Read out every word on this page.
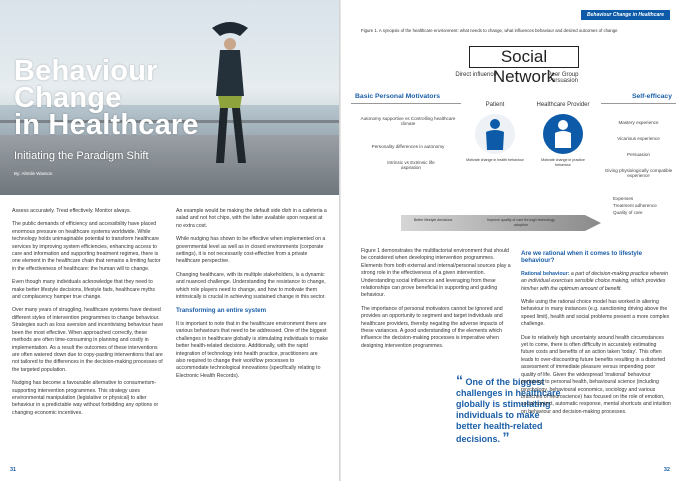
Behaviour
Change
in Healthcare
Initiating the Paradigm Shift
By: Altmile Wasson

Assess accurately. Treat effectively. Monitor always.

The public demands of efficiency and accessibility have placed enormous pressure on healthcare systems worldwide. While technology holds unimaginable potential to transform healthcare services by improving system efficiencies, enhancing access to care and information and supporting treatment regimes, there is one element in the healthcare chain that remains a limiting factor in the effectiveness of healthcare: the human will to change.

Even though many individuals acknowledge that they need to make better lifestyle decisions, lifestyle fads, healthcare myths and complacency hamper true change.

Over many years of struggling, healthcare systems have devised different styles of intervention programmes to change behaviour. Strategies such as loss aversion and incentivising behaviour have been the most effective. When approached correctly, these methods are often time-consuming in planning and costly in implementation. As a result the outcomes of these interventions are often watered down due to copy-pasting interventions that are not tailored to the differences in the decision-making processes of the targeted population.

Nudging has become a favourable alternative to consumerism-supporting intervention programmes. This strategy uses environmental manipulation (legislative or physical) to alter behaviour in a predictable way without forbidding any options or changing economic incentives.

An example would be making the default side dish in a cafeteria a salad and not hot chips, with the latter available upon request at no extra cost.

While nudging has shown to be effective when implemented on a governmental level as well as in closed environments (corporate settings), it is not necessarily cost-effective from a private healthcare perspective.

Changing healthcare, with its multiple stakeholders, is a dynamic and nuanced challenge. Understanding the resistance to change, which role players need to change, and how to motivate them intrinsically is crucial in achieving sustained change in this sector.

Transforming an entire system

It is important to note that in the healthcare environment there are various behaviours that need to be addressed. One of the biggest challenges in healthcare globally is stimulating individuals to make better health-related decisions. Additionally, with the rapid integration of technology into health practice, practitioners are also required to change their workflow processes to accommodate technological innovations (specifically relating to Electronic Health Records).

31
Behaviour Change in Healthcare
Figure 1. A synopsis of the healthcare environment: what needs to change, what influences behaviour and desired outcomes of change
Social Network
Direct influence	Peer Group Persuasion
Basic Personal Motivators	Self-efficacy
Patient	Healthcare Provider
Autonomy supportive vs Controlling healthcare climate
Personality differences in autonomy
Intrinsic vs Extrinsic life aspiration
Motivate change in health behaviour	Motivate change in practice behaviour
Mastery experience
Vicarious experience
Persuasion
Giving physiologically compatible experience
Better lifestyle decisions	Improve quality of care through technology adoption
Expenses
Treatment adherence
Quality of care

Figure 1 demonstrates the multifactorial environment that should be considered when developing intervention programmes. Elements from both external and internal/personal sources play a strong role in the effectiveness of a given intervention. Understanding social influences and leveraging from these relationships can prove beneficial in supporting and guiding behaviour.

The importance of personal motivators cannot be ignored and provides an opportunity to segment and target individuals and healthcare providers, thereby negating the adverse impacts of these variances. A good understanding of the elements which influence the decision-making processes is imperative when designing intervention programmes.

“ One of the biggest challenges in healthcare globally is stimulating individuals to make better health-related decisions. ”
Are we rational when it comes to lifestyle behaviour?

Rational behaviour: a part of decision-making practice wherein an individual exercises sensible choice making, which provides him/her with the optimum amount of benefit.

While using the rational choice model has worked in altering behaviour in many instances (e.g. sanctioning driving above the speed limit), health and social problems present a more complex challenge.

Due to relatively high uncertainty around health circumstances yet to come, there is often difficulty in accurately estimating future costs and benefits of an action taken 'today'. This often leads to over-discounting future benefits resulting in a distorted assessment of immediate pleasure versus impending poor quality of life. Given the widespread 'irrational' behaviour pertaining to personal health, behavioural science (including psychology, behavioural economics, sociology and various branches of neuroscience) has focused on the role of emotion, social context, automatic response, mental shortcuts and intuition on behaviour and decision-making processes.

32
